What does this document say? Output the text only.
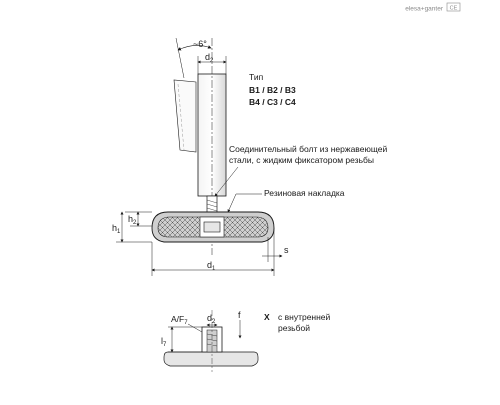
elesa+ganter CE
~6°
$d_2$
$h_1$
$h_2$
$d_1$
s
Тип
B1 / B2 / B3
B4 / C3 / C4
Соединительный болт из нержавеющей
стали, с жидким фиксатором резьбы
Резиновая накладка
$d_2$
$A/F_7$
$l_7$
f	X с внутренней
резьбой
